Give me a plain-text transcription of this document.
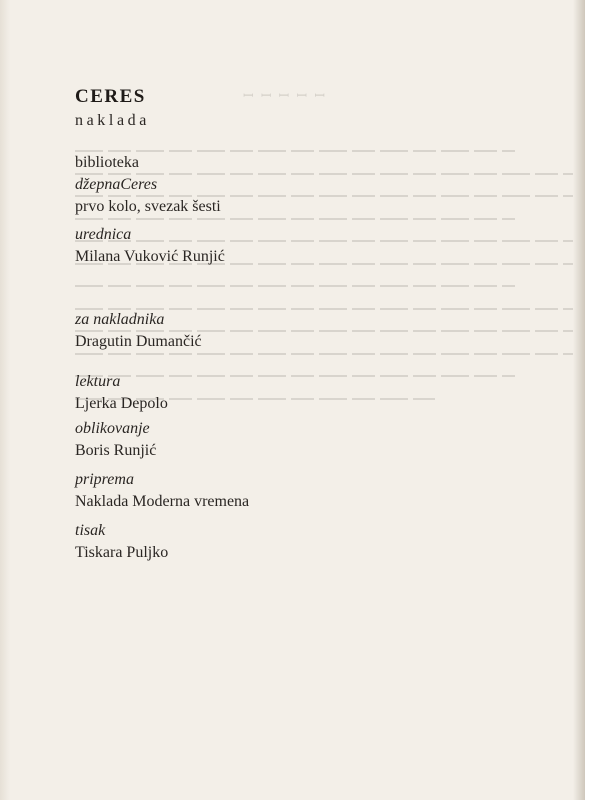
ꟷ ꟷ ꟷ ꟷ ꟷ
CERES
naklada
biblioteka
džepnaCeres
prvo kolo, svezak šesti
urednica
Milana Vuković Runjić
za nakladnika
Dragutin Dumančić
lektura
Ljerka Depolo
oblikovanje
Boris Runjić
priprema
Naklada Moderna vremena
tisak
Tiskara Puljko
